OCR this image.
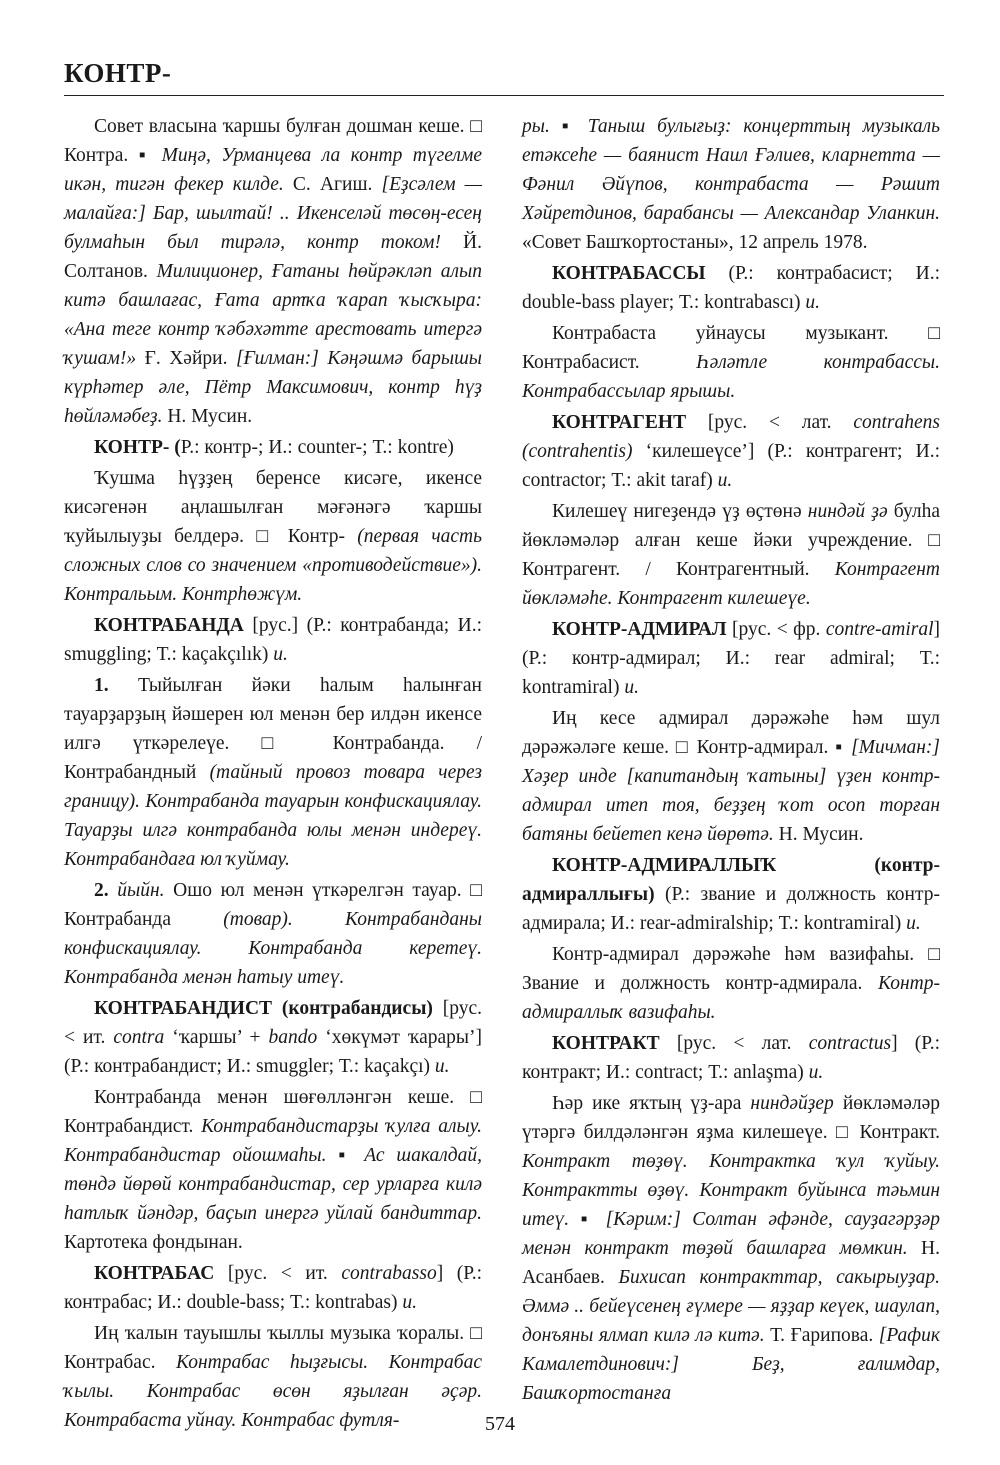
КОНТР-

Совет власына ҡаршы булған дошман кеше. □ Контра. ▪ Миңә, Урманцева ла контр түгелме икән, тигән фекер килде. С. Агиш. [Еҙсәлем — малайға:] Бар, шылтай! .. Икенселәй төсөң-есең булмаһын был тирәлә, контр током! Й. Солтанов. Милиционер, Ғатаны һөйрәкләп алып китә башлағас, Ғата артҡа ҡарап ҡысҡыра: «Ана теге контр ҡәбәхәтте арестовать итергә ҡушам!» Ғ. Хәйри. [Ғилман:] Кәңәшмә барышы күрһәтер әле, Пётр Максимович, контр һүҙ һөйләмәбеҙ. Н. Мусин.

КОНТР- (Р.: контр-; И.: counter-; Т.: kontre)

Ҡушма һүҙҙең беренсе кисәге, икенсе кисәгенән аңлашылған мәғәнәгә ҡаршы ҡуйылыуҙы белдерә. □ Контр- (первая часть сложных слов со значением «противодействие»). Контральым. Контрһөжүм.

КОНТРАБАНДА [рус.] (Р.: контрабанда; И.: smuggling; Т.: kaçakçılık) и.

1. Тыйылған йәки һалым һалынған тауарҙарҙың йәшерен юл менән бер илдән икенсе илгә үткәрелеүе. □ Контрабанда. / Контрабандный (тайный провоз товара через границу). Контрабанда тауарын конфискациялау. Тауарҙы илгә контрабанда юлы менән индереү. Контрабандаға юл ҡуймау.

2. йыйн. Ошо юл менән үткәрелгән тауар. □ Контрабанда (товар). Контрабанданы конфискациялау. Контрабанда керетеү. Контрабанда менән һатыу итеү.

КОНТРАБАНДИСТ (контрабандисы) [рус. < ит. contra ‘ҡаршы’ + bando ‘хөкүмәт ҡарары’] (Р.: контрабандист; И.: smuggler; Т.: kaçakçı) и.

Контрабанда менән шөғөлләнгән кеше. □ Контрабандист. Контрабандистарҙы ҡулға алыу. Контрабандистар ойошмаһы. ▪ Ас шакалдай, төндә йөрөй контрабандистар, сер урларға килә һатлыҡ йәндәр, баҫып инергә уйлай бандиттар. Картотека фондынан.

КОНТРАБАС [рус. < ит. contrabasso] (Р.: контрабас; И.: double-bass; Т.: kontrabas) и.

Иң ҡалын тауышлы ҡыллы музыка ҡоралы. □ Контрабас. Контрабас һыҙғысы. Контрабас ҡылы. Контрабас өсөн яҙылған әҫәр. Контрабаста уйнау. Контрабас футля-

ры. ▪ Таныш булығыҙ: концерттың музыкаль етәксеһе — баянист Наил Ғәлиев, кларнетта — Фәнил Әйүпов, контрабаста — Рәшит Хәйретдинов, барабансы — Александар Уланкин. «Совет Башҡортостаны», 12 апрель 1978.

КОНТРАБАССЫ (Р.: контрабасист; И.: double-bass player; Т.: kontrabascı) и.

Контрабаста уйнаусы музыкант. □ Контрабасист. Һәләтле контрабассы. Контрабассылар ярышы.

КОНТРАГЕНТ [рус. < лат. contrahens (contrahentis) ‘килешеүсе’] (Р.: контрагент; И.: contractor; Т.: akit taraf) и.

Килешеү нигеҙендә үҙ өҫтөнә ниндәй ҙә булһа йөкләмәләр алған кеше йәки учреждение. □ Контрагент. / Контрагентный. Контрагент йөкләмәһе. Контрагент килешеүе.

КОНТР-АДМИРАЛ [рус. < фр. contre-amiral] (Р.: контр-адмирал; И.: rear admiral; Т.: kontramiral) и.

Иң кесе адмирал дәрәжәһе һәм шул дәрәжәләге кеше. □ Контр-адмирал. ▪ [Мичман:] Хәҙер инде [капитандың ҡатыны] үҙен контр-адмирал итеп тоя, беҙҙең ҡот осоп торған батяны бейетеп кенә йөрөтә. Н. Мусин.

КОНТР-АДМИРАЛЛЫҠ (контр-адмираллығы) (Р.: звание и должность контр-адмирала; И.: rear-admiralship; Т.: kontramiral) и.

Контр-адмирал дәрәжәһе һәм вазифаһы. □ Звание и должность контр-адмирала. Контр-адмираллыҡ вазифаһы.

КОНТРАКТ [рус. < лат. contractus] (Р.: контракт; И.: contract; Т.: anlaşma) и.

Һәр ике яҡтың үҙ-ара ниндәйҙер йөкләмәләр үтәргә билдәләнгән яҙма килешеүе. □ Контракт. Контракт төҙөү. Контрактка ҡул ҡуйыу. Контрактты өҙөү. Контракт буйынса тәьмин итеү. ▪ [Кәрим:] Солтан әфәнде, сауҙагәрҙәр менән контракт төҙөй башларға мөмкин. Н. Асанбаев. Бихисап контракттар, сакырыуҙар. Әммә .. бейеүсенең ғүмере — яҙҙар кеүек, шаулап, донъяны ялмап килә лә китә. Т. Ғарипова. [Рафик Камалетдинович:] Беҙ, ғалимдар, Башҡортостанға

574
